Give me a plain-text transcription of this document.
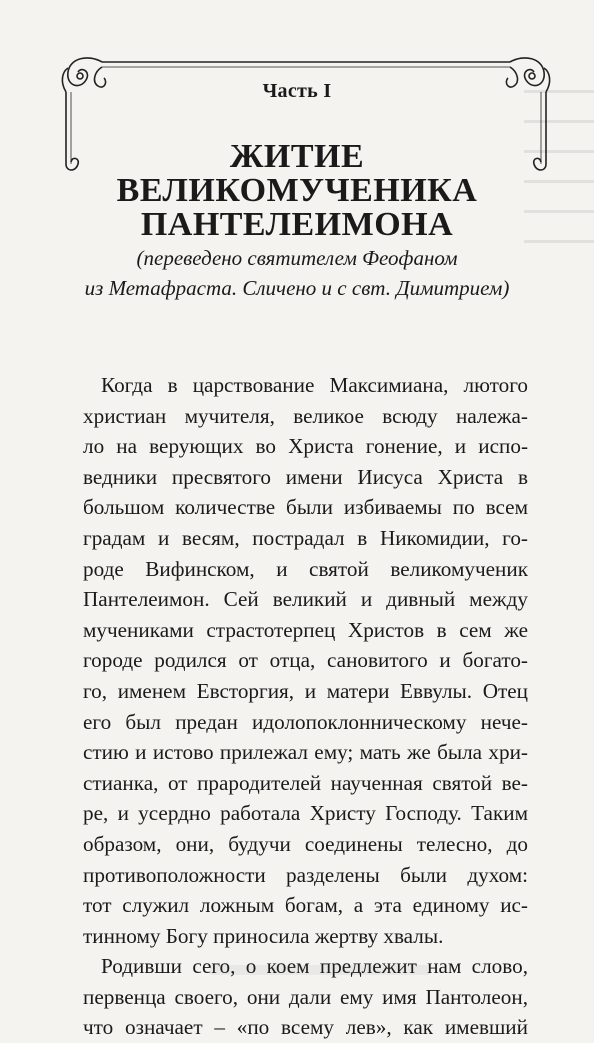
Часть I
ЖИТИЕ
ВЕЛИКОМУЧЕНИКА
ПАНТЕЛЕИМОНА
(переведено святителем Феофаном
из Метафраста. Сличено и с свт. Димитрием)
Когда в царствование Максимиана, лютого
христиан мучителя, великое всюду належа-
ло на верующих во Христа гонение, и испо-
ведники пресвятого имени Иисуса Христа в
большом количестве были избиваемы по всем
градам и весям, пострадал в Никомидии, го-
роде Вифинском, и святой великомученик
Пантелеимон. Сей великий и дивный между
мучениками страстотерпец Христов в сем же
городе родился от отца, сановитого и богато-
го, именем Евсторгия, и матери Еввулы. Отец
его был предан идолопоклонническому нече-
стию и истово прилежал ему; мать же была хри-
стианка, от прародителей наученная святой ве-
ре, и усердно работала Христу Господу. Таким
образом, они, будучи соединены телесно, до
противоположности разделены были духом:
тот служил ложным богам, а эта единому ис-
тинному Богу приносила жертву хвалы.
Родивши сего, о коем предлежит нам слово,
первенца своего, они дали ему имя Пантолеон,
что означает – «по всему лев», как имевший
